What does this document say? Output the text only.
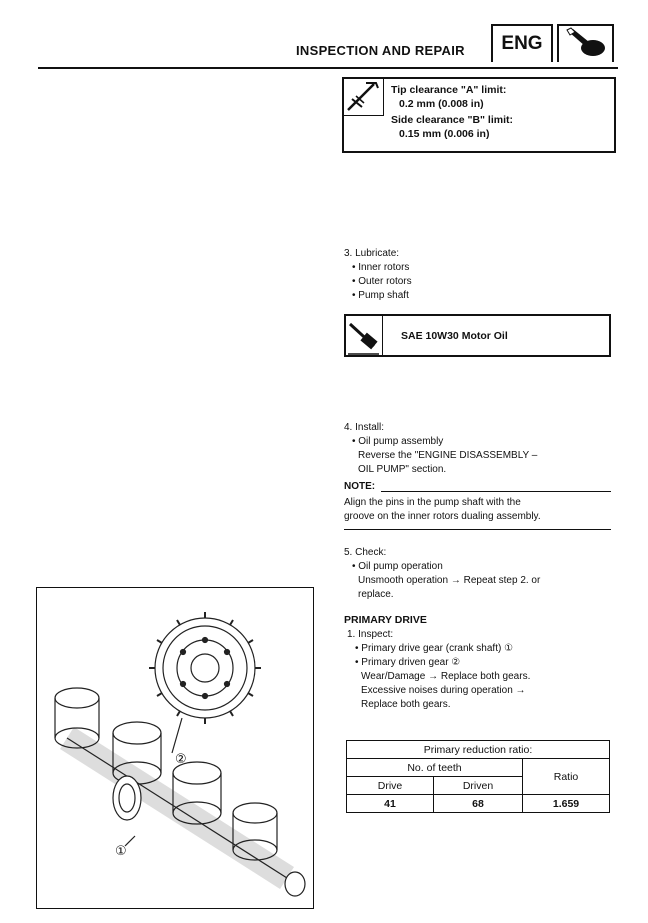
INSPECTION AND REPAIR	ENG
Tip clearance "A" limit:
0.2 mm (0.008 in)
Side clearance "B" limit:
0.15 mm (0.006 in)
3. Lubricate:
• Inner rotors
• Outer rotors
• Pump shaft
SAE 10W30 Motor Oil
4. Install:
• Oil pump assembly
Reverse the "ENGINE DISASSEMBLY –
OIL PUMP" section.
NOTE:
Align the pins in the pump shaft with the
groove on the inner rotors dualing assembly.
5. Check:
• Oil pump operation
Unsmooth operation → Repeat step 2. or
replace.
PRIMARY DRIVE
1. Inspect:
• Primary drive gear (crank shaft) ①
• Primary driven gear ②
Wear/Damage → Replace both gears.
Excessive noises during operation →
Replace both gears.
Primary reduction ratio:		
No. of teeth		Ratio
Drive	Driven	
41	68	1.659
②
①
